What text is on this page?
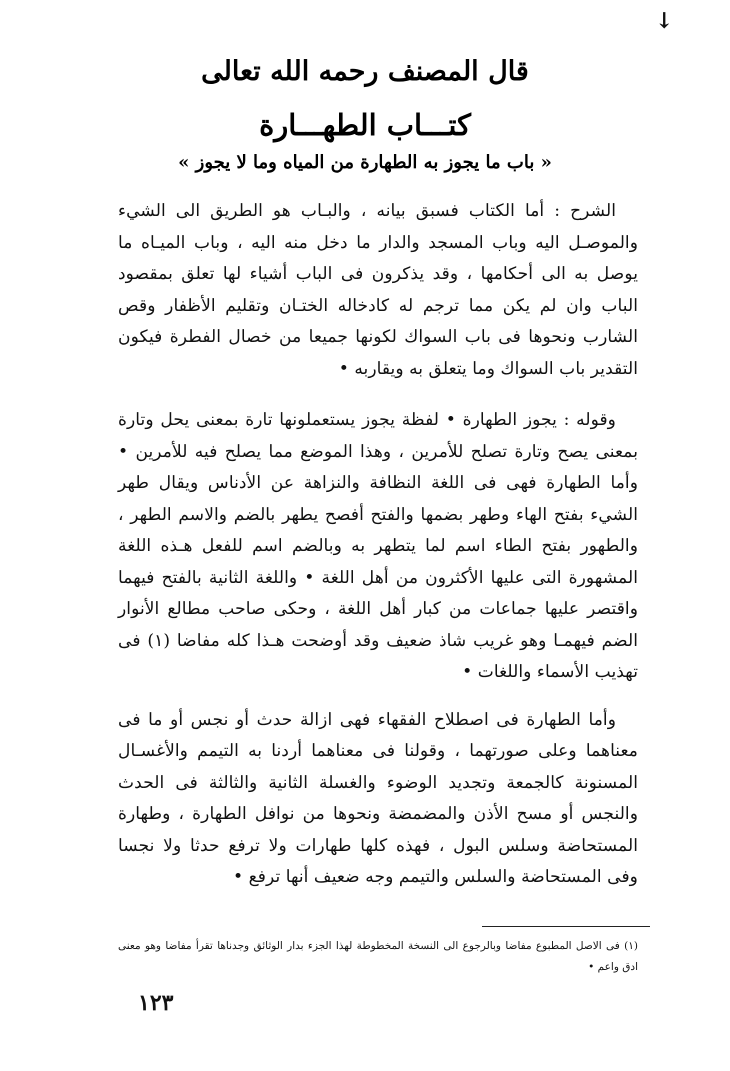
↓
قال المصنف رحمه الله تعالى
كتـــاب الطهـــارة
« باب ما يجوز به الطهارة من المياه وما لا يجوز »

الشرح : أما الكتاب فسبق بيانه ، والبـاب هو الطريق الى الشيء والموصـل اليه وباب المسجد والدار ما دخل منه اليه ، وباب الميـاه ما يوصل به الى أحكامها ، وقد يذكرون فى الباب أشياء لها تعلق بمقصود الباب وان لم يكن مما ترجم له كادخاله الختـان وتقليم الأظفار وقص الشارب ونحوها فى باب السواك لكونها جميعا من خصال الفطرة فيكون التقدير باب السواك وما يتعلق به ويقاربه •

وقوله : يجوز الطهارة • لفظة يجوز يستعملونها تارة بمعنى يحل وتارة بمعنى يصح وتارة تصلح للأمرين ، وهذا الموضع مما يصلح فيه للأمرين • وأما الطهارة فهى فى اللغة النظافة والنزاهة عن الأدناس ويقال طهر الشيء بفتح الهاء وطهر بضمها والفتح أفصح يطهر بالضم والاسم الطهر ، والطهور بفتح الطاء اسم لما يتطهر به وبالضم اسم للفعل هـذه اللغة المشهورة التى عليها الأكثرون من أهل اللغة • واللغة الثانية بالفتح فيهما واقتصر عليها جماعات من كبار أهل اللغة ، وحكى صاحب مطالع الأنوار الضم فيهمـا وهو غريب شاذ ضعيف وقد أوضحت هـذا كله مفاضا (١) فى تهذيب الأسماء واللغات •

وأما الطهارة فى اصطلاح الفقهاء فهى ازالة حدث أو نجس أو ما فى معناهما وعلى صورتهما ، وقولنا فى معناهما أردنا به التيمم والأغسـال المسنونة كالجمعة وتجديد الوضوء والغسلة الثانية والثالثة فى الحدث والنجس أو مسح الأذن والمضمضة ونحوها من نوافل الطهارة ، وطهارة المستحاضة وسلس البول ، فهذه كلها طهارات ولا ترفع حدثا ولا نجسا وفى المستحاضة والسلس والتيمم وجه ضعيف أنها ترفع •

(١) فى الاصل المطبوع مفاضا وبالرجوع الى النسخة المخطوطة لهذا الجزء بدار الوثائق وجدناها تقرأ مفاضا وهو معنى ادق واعم •
١٢٣
